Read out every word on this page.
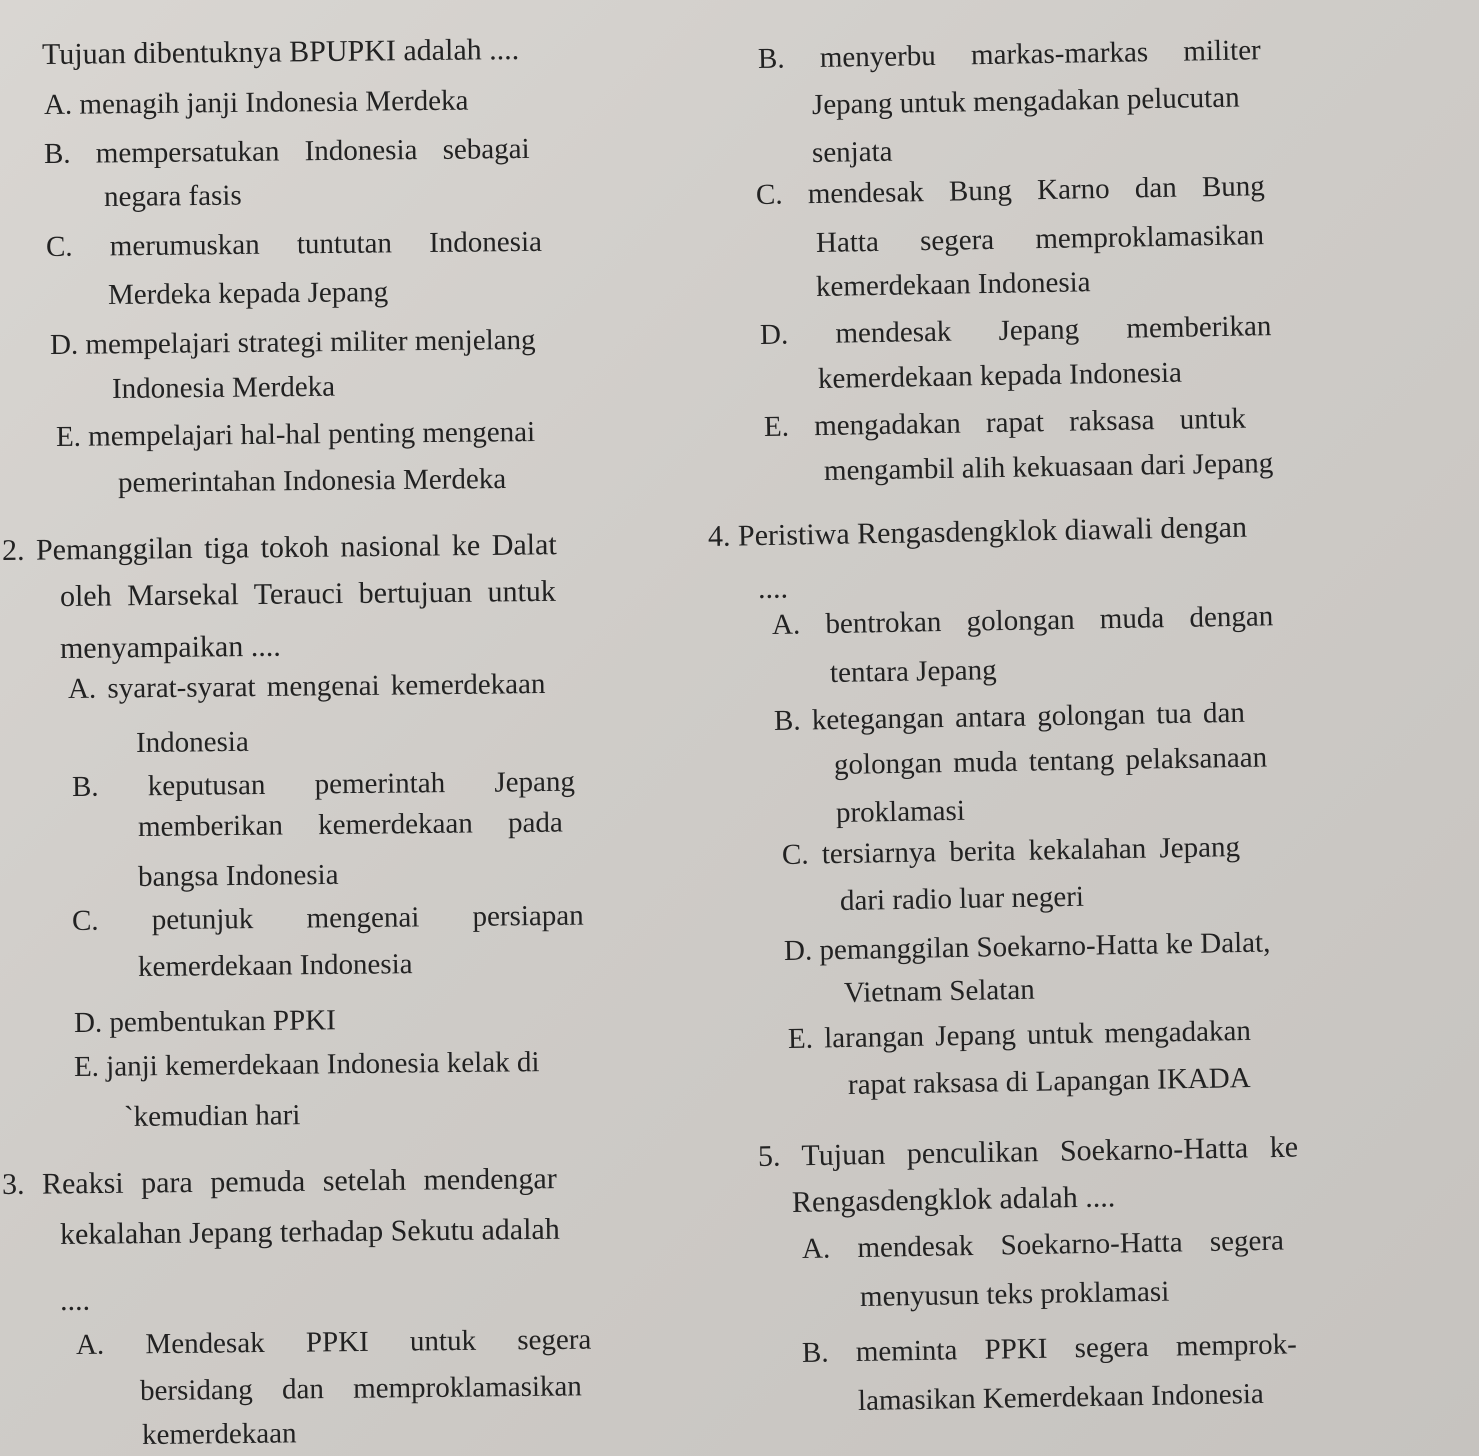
Tujuan dibentuknya BPUPKI adalah ....
A. menagih janji Indonesia Merdeka
B. mempersatukan Indonesia sebagai
negara fasis
C. merumuskan tuntutan Indonesia
Merdeka kepada Jepang
D. mempelajari strategi militer menjelang
Indonesia Merdeka
E. mempelajari hal-hal penting mengenai
pemerintahan Indonesia Merdeka
2. Pemanggilan tiga tokoh nasional ke Dalat
oleh Marsekal Terauci bertujuan untuk
menyampaikan ....
A. syarat-syarat mengenai kemerdekaan
Indonesia
B. keputusan pemerintah Jepang
memberikan kemerdekaan pada
bangsa Indonesia
C. petunjuk mengenai persiapan
kemerdekaan Indonesia
D. pembentukan PPKI
E. janji kemerdekaan Indonesia kelak di
`kemudian hari
3. Reaksi para pemuda setelah mendengar
kekalahan Jepang terhadap Sekutu adalah
....
A. Mendesak PPKI untuk segera
bersidang dan memproklamasikan
kemerdekaan
B. menyerbu markas-markas militer
Jepang untuk mengadakan pelucutan
senjata
C. mendesak Bung Karno dan Bung
Hatta segera memproklamasikan
kemerdekaan Indonesia
D. mendesak Jepang memberikan
kemerdekaan kepada Indonesia
E. mengadakan rapat raksasa untuk
mengambil alih kekuasaan dari Jepang
4. Peristiwa Rengasdengklok diawali dengan
....
A. bentrokan golongan muda dengan
tentara Jepang
B. ketegangan antara golongan tua dan
golongan muda tentang pelaksanaan
proklamasi
C. tersiarnya berita kekalahan Jepang
dari radio luar negeri
D. pemanggilan Soekarno-Hatta ke Dalat,
Vietnam Selatan
E. larangan Jepang untuk mengadakan
rapat raksasa di Lapangan IKADA
5. Tujuan penculikan Soekarno-Hatta ke
Rengasdengklok adalah ....
A. mendesak Soekarno-Hatta segera
menyusun teks proklamasi
B. meminta PPKI segera memprok-
lamasikan Kemerdekaan Indonesia
